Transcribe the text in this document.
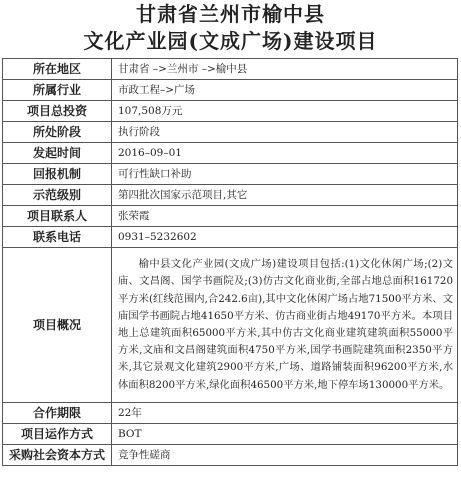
甘肃省兰州市榆中县
文化产业园(文成广场)建设项目
所在地区	甘肃省 –>兰州市 –>榆中县
所属行业	市政工程–>广场
项目总投资	107,508万元
所处阶段	执行阶段
发起时间	2016–09–01
回报机制	可行性缺口补助
示范级别	第四批次国家示范项目,其它
项目联系人	张荣霞
联系电话	0931–5232602
项目概况	榆中县文化产业园(文成广场)建设项目包括:(1)文化休闲广场;(2)文庙、文昌阁、国学书画院及;(3)仿古文化商业街,全部占地总面积161720平方米(红线范围内,合242.6亩),其中文化休闲广场占地71500平方米、文庙国学书画院占地41650平方米、仿古商业街占地49170平方米。本项目地上总建筑面积65000平方米,其中仿古文化商业建筑建筑面积55000平方米,文庙和文昌阁建筑面积4750平方米,国学书画院建筑面积2350平方米,其它景观文化建筑2900平方米,广场、道路铺装面积96200平方米,水体面积8200平方米,绿化面积46500平方米,地下停车场130000平方米。
合作期限	22年
项目运作方式	BOT
采购社会资本方式	竞争性磋商
